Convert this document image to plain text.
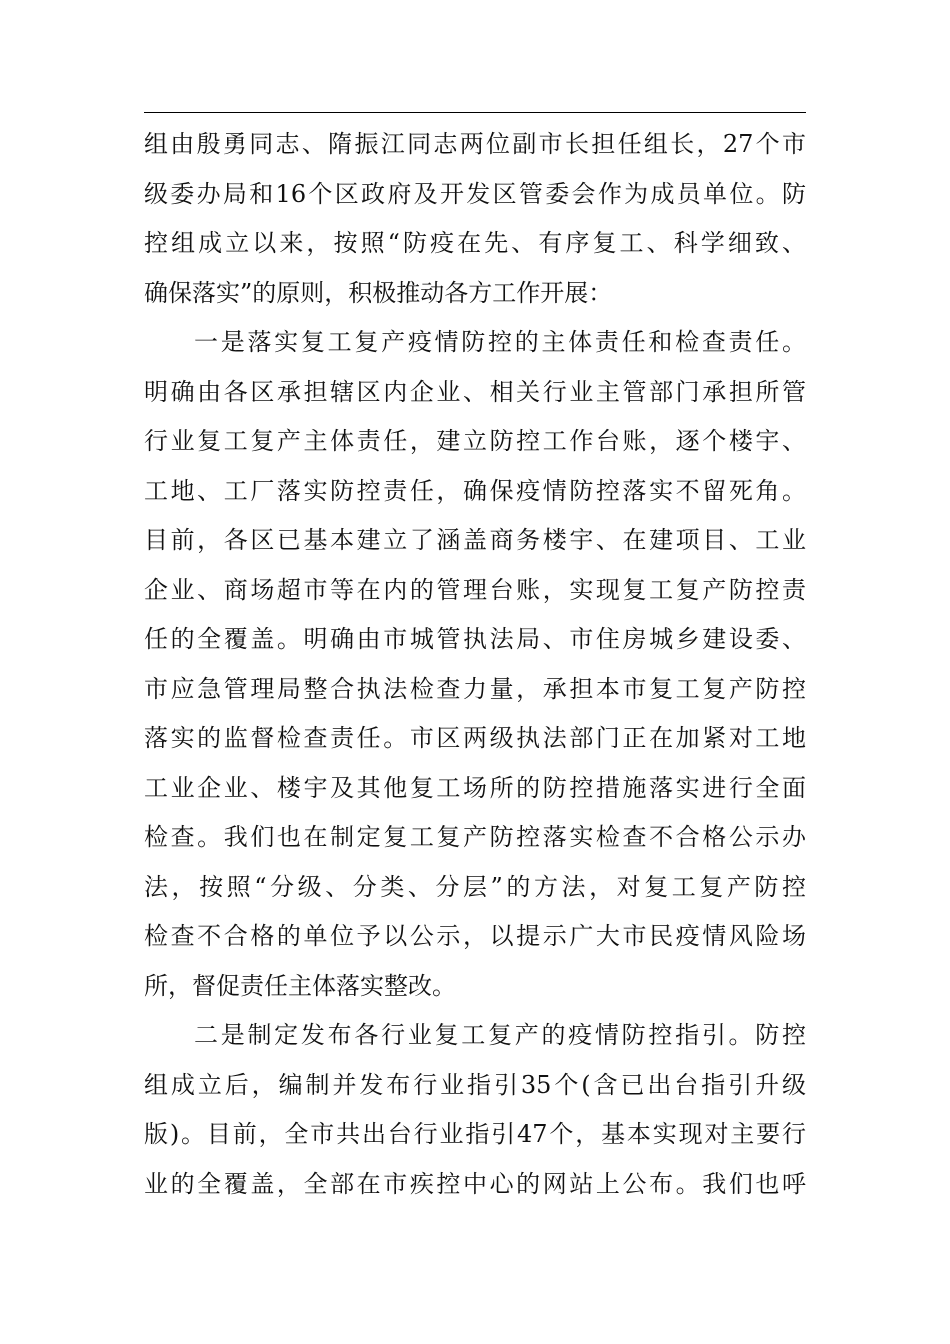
组由殷勇同志、隋振江同志两位副市长担任组长，27个市

级委办局和16个区政府及开发区管委会作为成员单位。防

控组成立以来，按照“防疫在先、有序复工、科学细致、

确保落实”的原则，积极推动各方工作开展：

一是落实复工复产疫情防控的主体责任和检查责任。

明确由各区承担辖区内企业、相关行业主管部门承担所管

行业复工复产主体责任，建立防控工作台账，逐个楼宇、

工地、工厂落实防控责任，确保疫情防控落实不留死角。

目前，各区已基本建立了涵盖商务楼宇、在建项目、工业

企业、商场超市等在内的管理台账，实现复工复产防控责

任的全覆盖。明确由市城管执法局、市住房城乡建设委、

市应急管理局整合执法检查力量，承担本市复工复产防控

落实的监督检查责任。市区两级执法部门正在加紧对工地

工业企业、楼宇及其他复工场所的防控措施落实进行全面

检查。我们也在制定复工复产防控落实检查不合格公示办

法，按照“分级、分类、分层”的方法，对复工复产防控

检查不合格的单位予以公示，以提示广大市民疫情风险场

所，督促责任主体落实整改。

二是制定发布各行业复工复产的疫情防控指引。防控

组成立后，编制并发布行业指引35个(含已出台指引升级

版)。目前，全市共出台行业指引47个，基本实现对主要行

业的全覆盖，全部在市疾控中心的网站上公布。我们也呼
